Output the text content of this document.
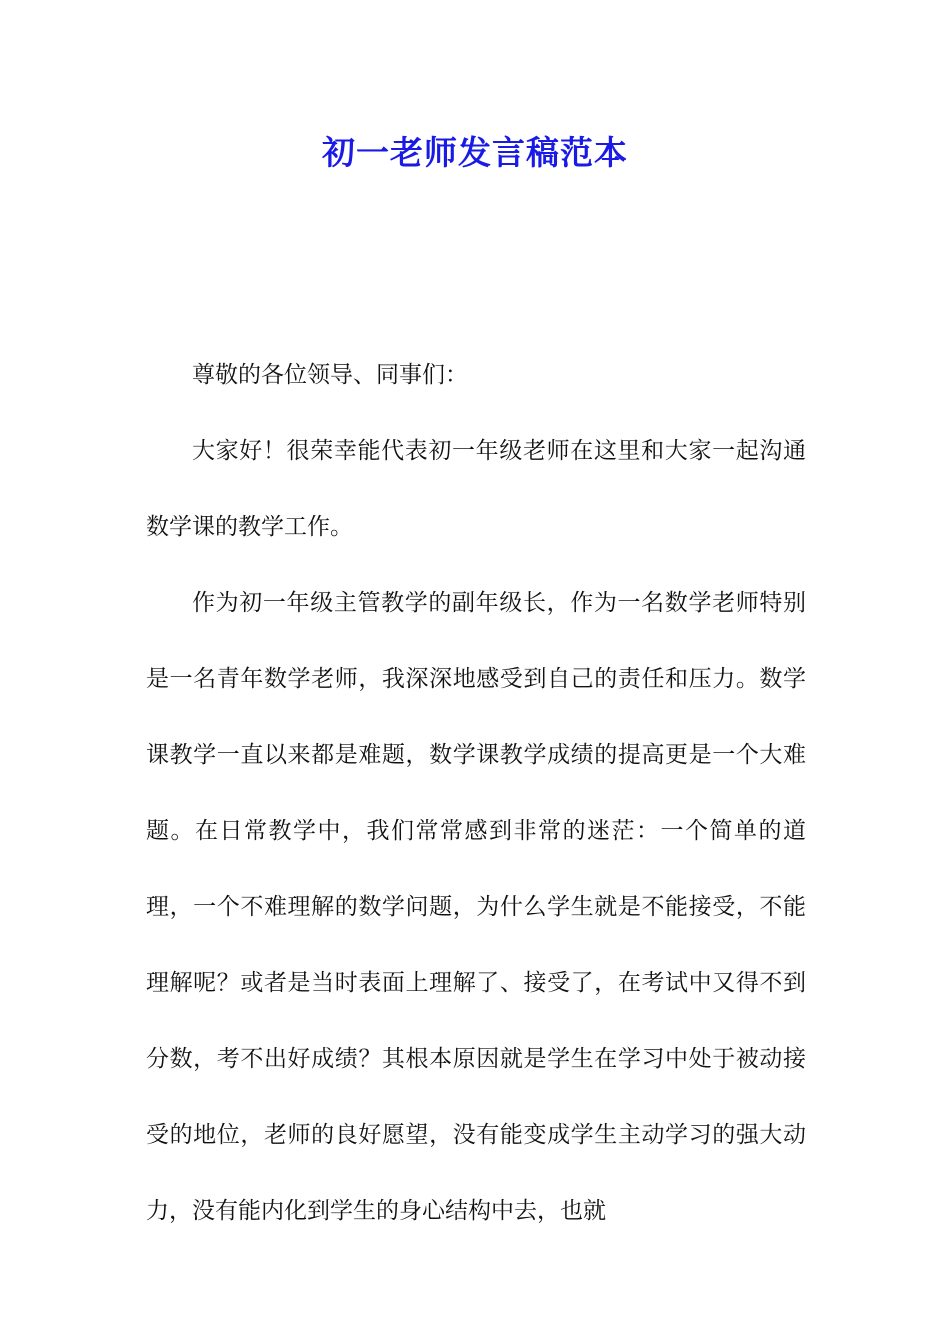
初一老师发言稿范本

尊敬的各位领导、同事们：

大家好！很荣幸能代表初一年级老师在这里和大家一起沟通数学课的教学工作。

作为初一年级主管教学的副年级长，作为一名数学老师特别是一名青年数学老师，我深深地感受到自己的责任和压力。数学课教学一直以来都是难题，数学课教学成绩的提高更是一个大难题。在日常教学中，我们常常感到非常的迷茫：一个简单的道理，一个不难理解的数学问题，为什么学生就是不能接受，不能理解呢？或者是当时表面上理解了、接受了，在考试中又得不到分数，考不出好成绩？其根本原因就是学生在学习中处于被动接受的地位，老师的良好愿望，没有能变成学生主动学习的强大动力，没有能内化到学生的身心结构中去，也就
